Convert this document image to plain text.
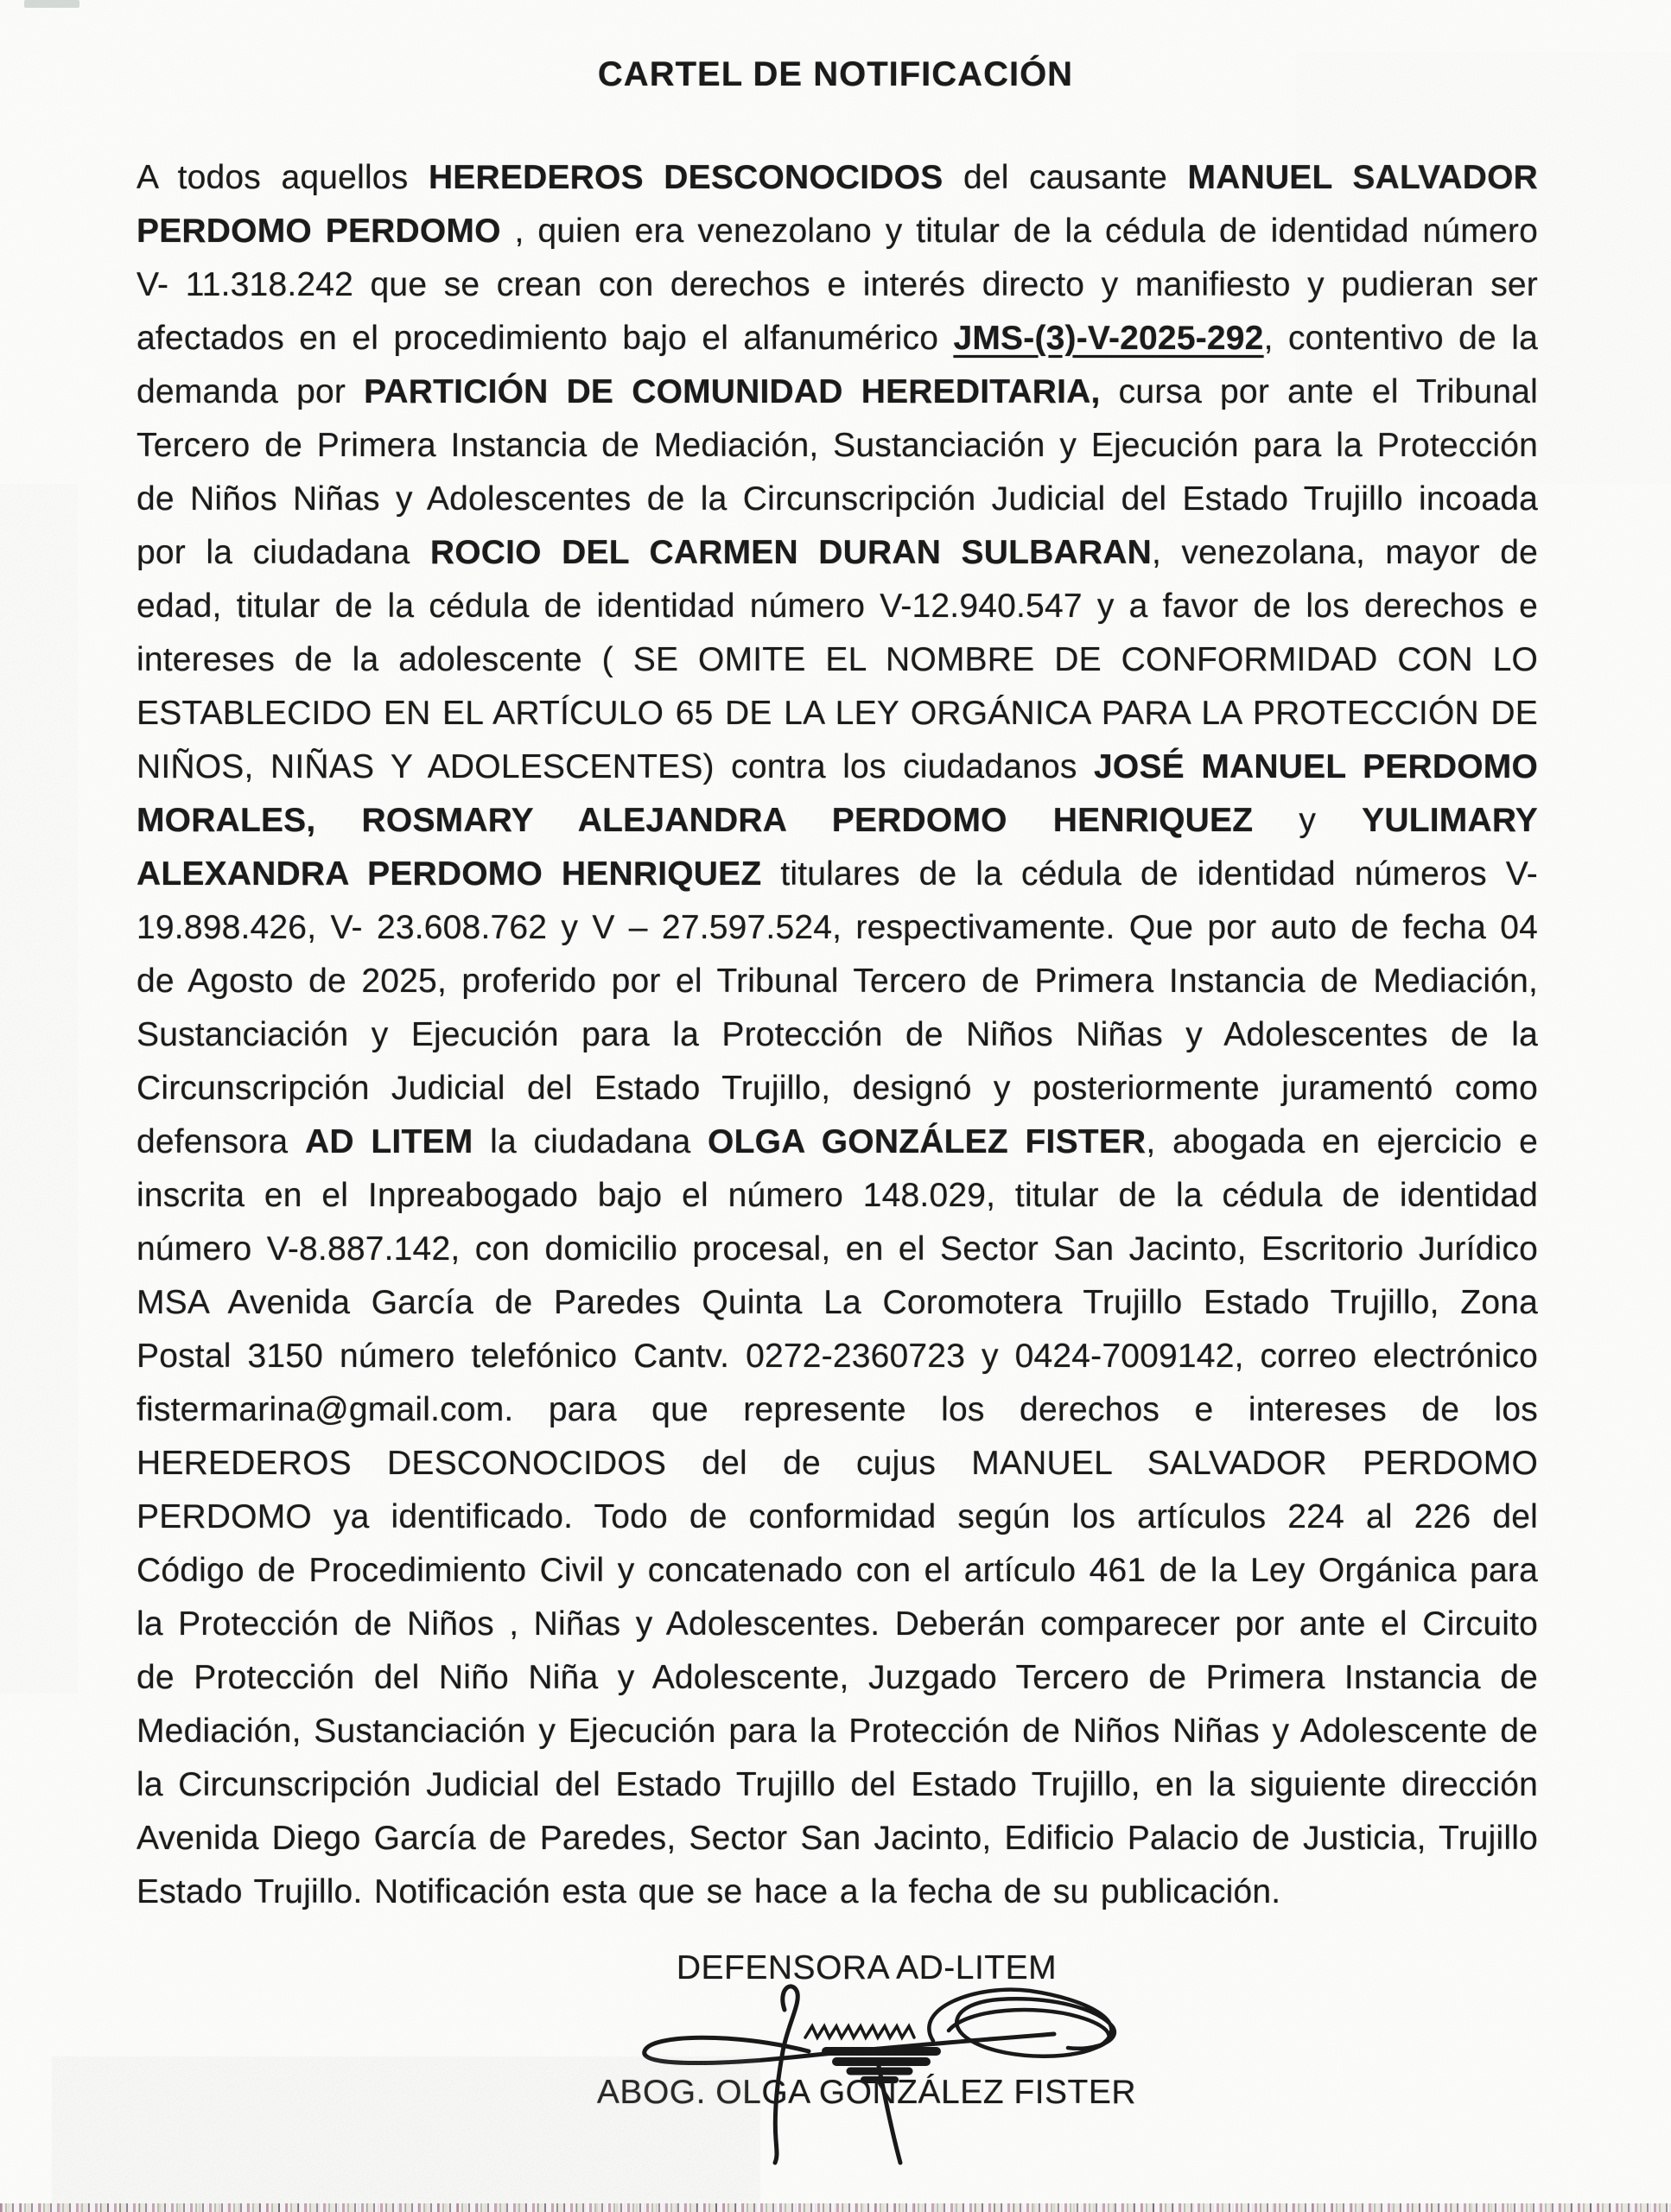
CARTEL DE NOTIFICACIÓN

A todos aquellos HEREDEROS DESCONOCIDOS del causante MANUEL SALVADOR PERDOMO PERDOMO , quien era venezolano y titular de la cédula de identidad número V- 11.318.242 que se crean con derechos e interés directo y manifiesto y pudieran ser afectados en el procedimiento bajo el alfanumérico JMS-(3)-V-2025-292, contentivo de la demanda por PARTICIÓN DE COMUNIDAD HEREDITARIA, cursa por ante el Tribunal Tercero de Primera Instancia de Mediación, Sustanciación y Ejecución para la Protección de Niños Niñas y Adolescentes de la Circunscripción Judicial del Estado Trujillo incoada por la ciudadana ROCIO DEL CARMEN DURAN SULBARAN, venezolana, mayor de edad, titular de la cédula de identidad número V-12.940.547 y a favor de los derechos e intereses de la adolescente ( SE OMITE EL NOMBRE DE CONFORMIDAD CON LO ESTABLECIDO EN EL ARTÍCULO 65 DE LA LEY ORGÁNICA PARA LA PROTECCIÓN DE NIÑOS, NIÑAS Y ADOLESCENTES) contra los ciudadanos JOSÉ MANUEL PERDOMO MORALES, ROSMARY ALEJANDRA PERDOMO HENRIQUEZ y YULIMARY ALEXANDRA PERDOMO HENRIQUEZ titulares de la cédula de identidad números V- 19.898.426, V- 23.608.762 y V – 27.597.524, respectivamente. Que por auto de fecha 04 de Agosto de 2025, proferido por el Tribunal Tercero de Primera Instancia de Mediación, Sustanciación y Ejecución para la Protección de Niños Niñas y Adolescentes de la Circunscripción Judicial del Estado Trujillo, designó y posteriormente juramentó como defensora AD LITEM la ciudadana OLGA GONZÁLEZ FISTER, abogada en ejercicio e inscrita en el Inpreabogado bajo el número 148.029, titular de la cédula de identidad número V-8.887.142, con domicilio procesal, en el Sector San Jacinto, Escritorio Jurídico MSA Avenida García de Paredes Quinta La Coromotera Trujillo Estado Trujillo, Zona Postal 3150 número telefónico Cantv. 0272-2360723 y 0424-7009142, correo electrónico fistermarina@gmail.com. para que represente los derechos e intereses de los HEREDEROS DESCONOCIDOS del de cujus MANUEL SALVADOR PERDOMO PERDOMO ya identificado. Todo de conformidad según los artículos 224 al 226 del Código de Procedimiento Civil y concatenado con el artículo 461 de la Ley Orgánica para la Protección de Niños , Niñas y Adolescentes. Deberán comparecer por ante el Circuito de Protección del Niño Niña y Adolescente, Juzgado Tercero de Primera Instancia de Mediación, Sustanciación y Ejecución para la Protección de Niños Niñas y Adolescente de la Circunscripción Judicial del Estado Trujillo del Estado Trujillo, en la siguiente dirección Avenida Diego García de Paredes, Sector San Jacinto, Edificio Palacio de Justicia, Trujillo Estado Trujillo. Notificación esta que se hace a la fecha de su publicación.

DEFENSORA AD-LITEM
ABOG. OLGA GONZÁLEZ FISTER
